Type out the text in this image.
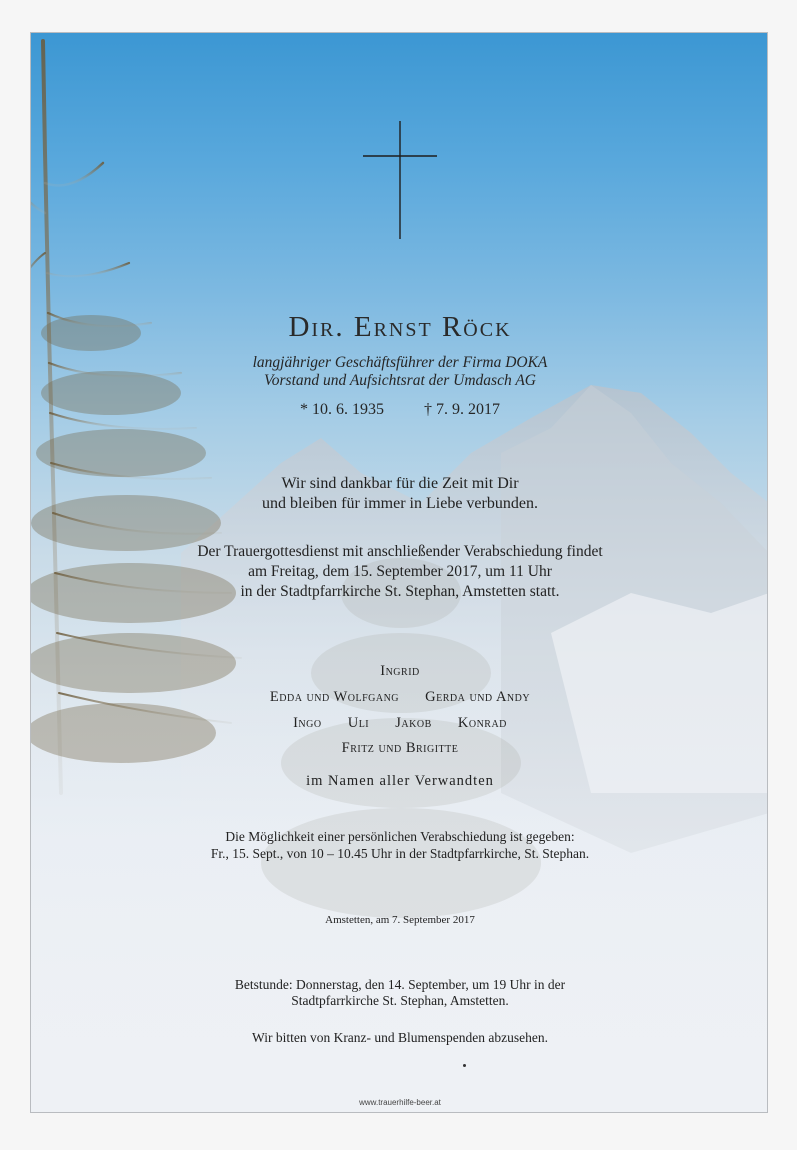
Dir. Ernst Röck
langjähriger Geschäftsführer der Firma DOKA
Vorstand und Aufsichtsrat der Umdasch AG
* 10. 6. 1935	† 7. 9. 2017
Wir sind dankbar für die Zeit mit Dir
und bleiben für immer in Liebe verbunden.
Der Trauergottesdienst mit anschließender Verabschiedung findet
am Freitag, dem 15. September 2017, um 11 Uhr
in der Stadtpfarrkirche St. Stephan, Amstetten statt.
Ingrid
Edda und Wolfgang Gerda und Andy
Ingo Uli Jakob Konrad
Fritz und Brigitte
im Namen aller Verwandten
Die Möglichkeit einer persönlichen Verabschiedung ist gegeben:
Fr., 15. Sept., von 10 – 10.45 Uhr in der Stadtpfarrkirche, St. Stephan.
Amstetten, am 7. September 2017
Betstunde: Donnerstag, den 14. September, um 19 Uhr in der
Stadtpfarrkirche St. Stephan, Amstetten.
Wir bitten von Kranz- und Blumenspenden abzusehen.
www.trauerhilfe-beer.at
